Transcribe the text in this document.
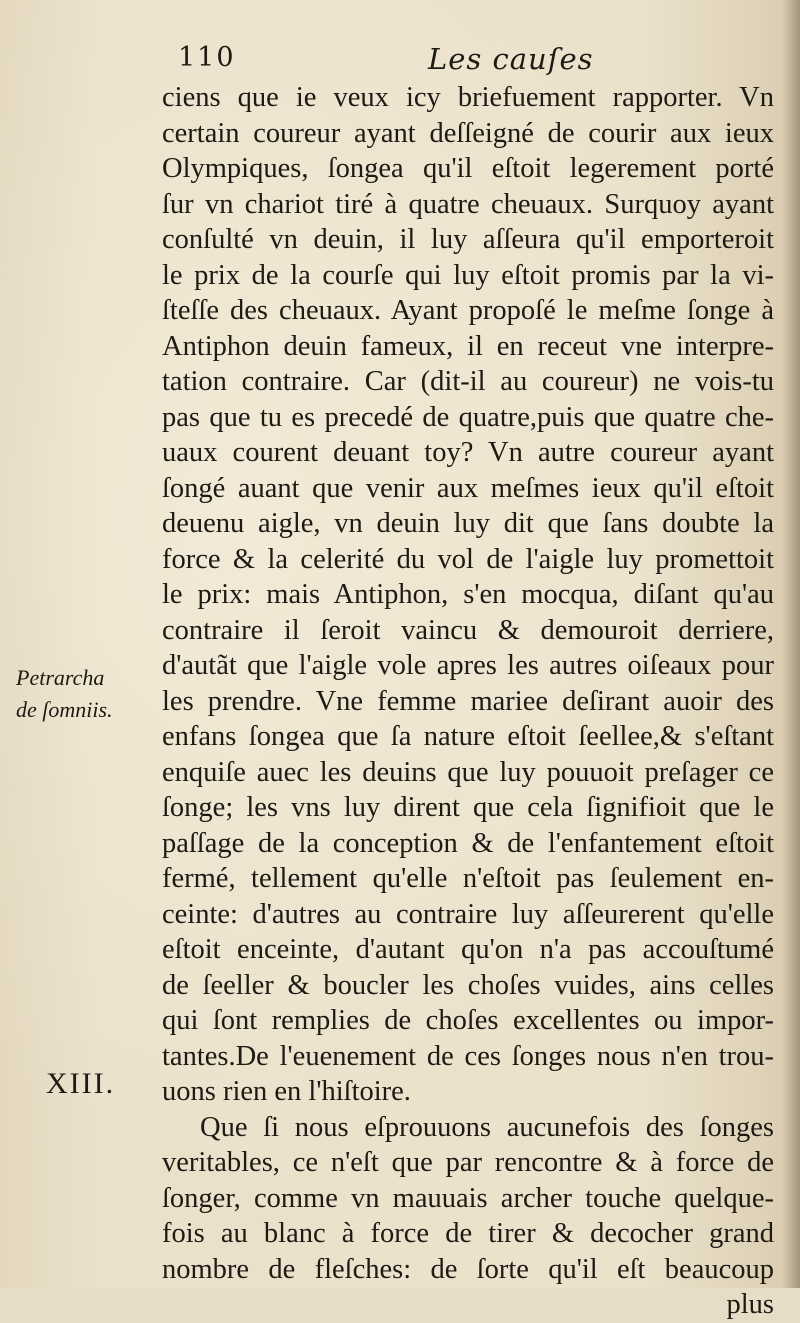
110	Les cauſes
Petrarcha
de ſomniis.
XIII.
ciens que ie veux icy briefuement rapporter. Vn
certain coureur ayant deſſeigné de courir aux ieux
Olympiques, ſongea qu'il eſtoit legerement porté
ſur vn chariot tiré à quatre cheuaux. Surquoy ayant
conſulté vn deuin, il luy aſſeura qu'il emporteroit
le prix de la courſe qui luy eſtoit promis par la vi-
ſteſſe des cheuaux. Ayant propoſé le meſme ſonge à
Antiphon deuin fameux, il en receut vne interpre-
tation contraire. Car (dit-il au coureur) ne vois-tu
pas que tu es precedé de quatre,puis que quatre che-
uaux courent deuant toy? Vn autre coureur ayant
ſongé auant que venir aux meſmes ieux qu'il eſtoit
deuenu aigle, vn deuin luy dit que ſans doubte la
force & la celerité du vol de l'aigle luy promettoit
le prix: mais Antiphon, s'en mocqua, diſant qu'au
contraire il ſeroit vaincu & demouroit derriere,
d'autãt que l'aigle vole apres les autres oiſeaux pour
les prendre. Vne femme mariee deſirant auoir des
enfans ſongea que ſa nature eſtoit ſeellee,& s'eſtant
enquiſe auec les deuins que luy pouuoit preſager ce
ſonge; les vns luy dirent que cela ſignifioit que le
paſſage de la conception & de l'enfantement eſtoit
fermé, tellement qu'elle n'eſtoit pas ſeulement en-
ceinte: d'autres au contraire luy aſſeurerent qu'elle
eſtoit enceinte, d'autant qu'on n'a pas accouſtumé
de ſeeller & boucler les choſes vuides, ains celles
qui ſont remplies de choſes excellentes ou impor-
tantes.De l'euenement de ces ſonges nous n'en trou-
uons rien en l'hiſtoire.
Que ſi nous eſprouuons aucunefois des ſonges
veritables, ce n'eſt que par rencontre & à force de
ſonger, comme vn mauuais archer touche quelque-
fois au blanc à force de tirer & decocher grand
nombre de fleſches: de ſorte qu'il eſt beaucoup
plus
